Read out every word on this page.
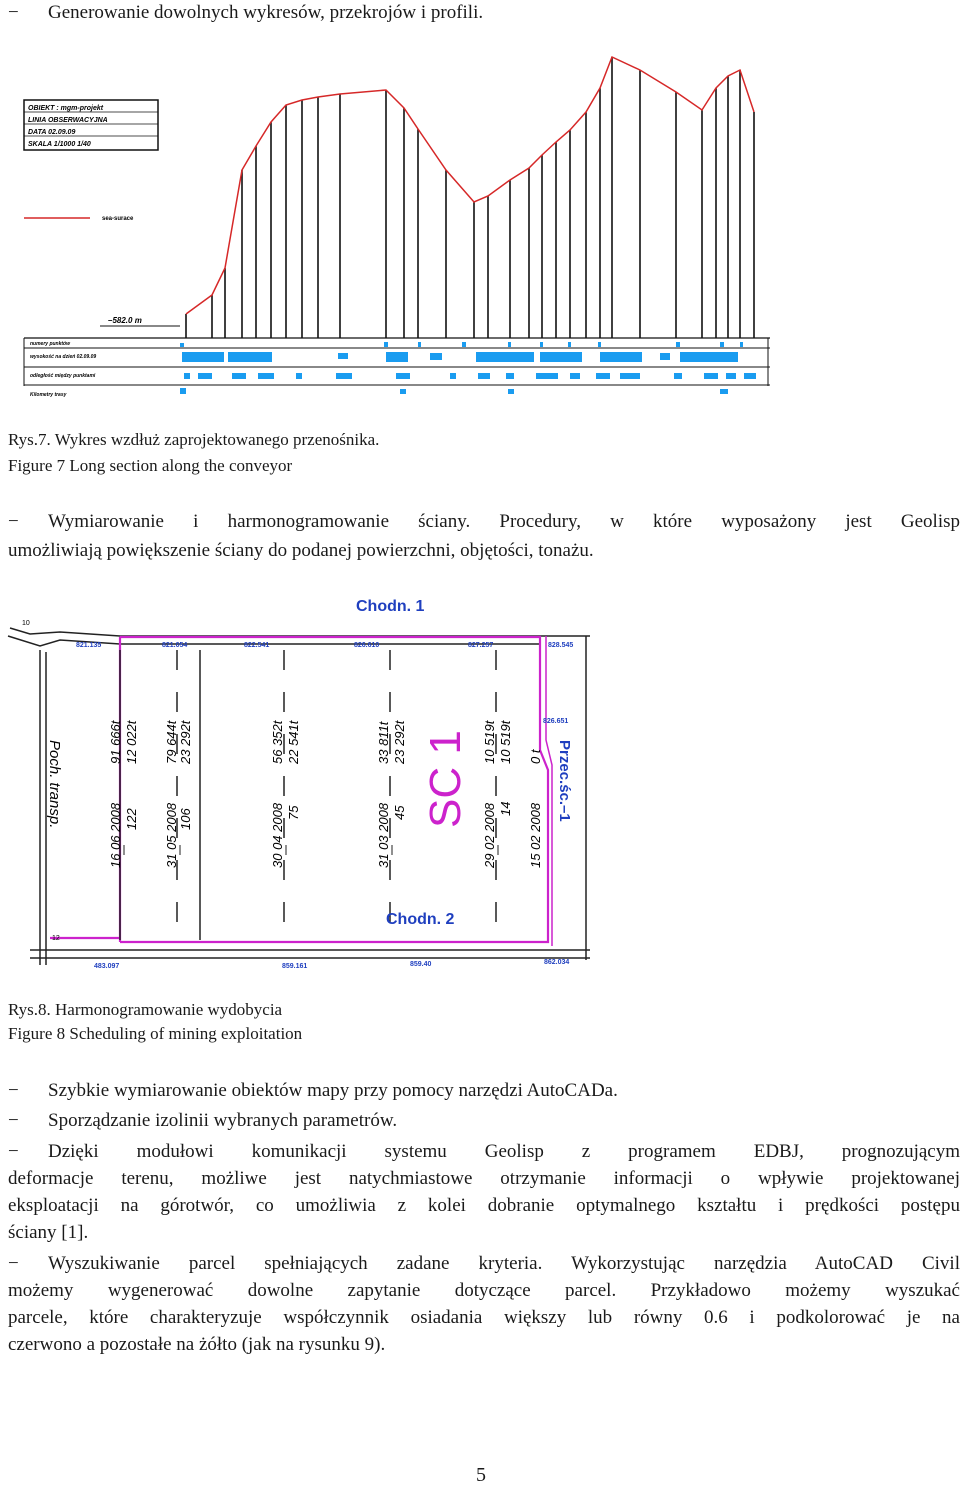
− Generowanie dowolnych wykresów, przekrojów i profili.
OBIEKT : mgm-projekt
LINIA OBSERWACYJNA
DATA 02.09.09
SKALA 1/1000 1/40
sea-surace
–582.0 m
numery punktów
wysokość na dzień 02.09.09
odległość między punktami
Kilometry trasy
Rys.7. Wykres wzdłuż zaprojektowanego przenośnika.
Figure 7 Long section along the conveyor
− Wymiarowanie i harmonogramowanie ściany. Procedury, w które wyposażony jest Geolisp
umożliwiają powiększenie ściany do podanej powierzchni, objętości, tonażu.
Chodn. 1
10
821.135	821.054	822.541	826.610	827.257	828.545
826.651
483.097	859.161	859.40	862.034
12
Chodn. 2
Poch. transp.	Przec.śc.–1
SC 1
16 06 2008 122
91 666t 12 022t
31 05 2008 106
79 644t 23 292t
30 04 2008 75
56 352t 22 541t
31 03 2008 45
33 811t 23 292t
29 02 2008 14
10 519t 10 519t
15 02 2008
0 t
Rys.8. Harmonogramowanie wydobycia
Figure 8 Scheduling of mining exploitation
− Szybkie wymiarowanie obiektów mapy przy pomocy narzędzi AutoCADa.
− Sporządzanie izolinii wybranych parametrów.
− Dzięki modułowi komunikacji systemu Geolisp z programem EDBJ, prognozującym
deformacje terenu, możliwe jest natychmiastowe otrzymanie informacji o wpływie projektowanej
eksploatacji na górotwór, co umożliwia z kolei dobranie optymalnego kształtu i prędkości postępu
ściany [1].
− Wyszukiwanie parcel spełniających zadane kryteria. Wykorzystując narzędzia AutoCAD Civil
możemy wygenerować dowolne zapytanie dotyczące parcel. Przykładowo możemy wyszukać
parcele, które charakteryzuje współczynnik osiadania większy lub równy 0.6 i podkolorować je na
czerwono a pozostałe na żółto (jak na rysunku 9).
5
